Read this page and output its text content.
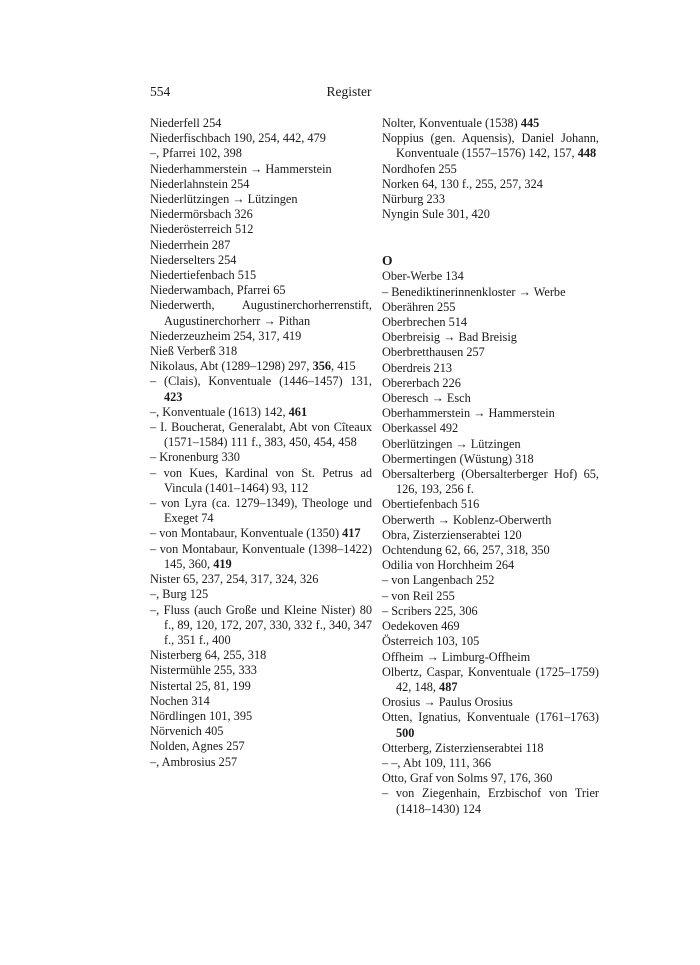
554	Register
Niederfell 254
Niederfischbach 190, 254, 442, 479
–, Pfarrei 102, 398
Niederhammerstein → Hammerstein
Niederlahnstein 254
Niederlützingen → Lützingen
Niedermörsbach 326
Niederösterreich 512
Niederrhein 287
Niederselters 254
Niedertiefenbach 515
Niederwambach, Pfarrei 65
Niederwerth, Augustinerchorherrenstift, Augustinerchorherr → Pithan
Niederzeuzheim 254, 317, 419
Nieß Verberß 318
Nikolaus, Abt (1289–1298) 297, 356, 415
– (Clais), Konventuale (1446–1457) 131, 423
–, Konventuale (1613) 142, 461
– I. Boucherat, Generalabt, Abt von Cîteaux (1571–1584) 111 f., 383, 450, 454, 458
– Kronenburg 330
– von Kues, Kardinal von St. Petrus ad Vincula (1401–1464) 93, 112
– von Lyra (ca. 1279–1349), Theologe und Exeget 74
– von Montabaur, Konventuale (1350) 417
– von Montabaur, Konventuale (1398–1422) 145, 360, 419
Nister 65, 237, 254, 317, 324, 326
–, Burg 125
–, Fluss (auch Große und Kleine Nister) 80 f., 89, 120, 172, 207, 330, 332 f., 340, 347 f., 351 f., 400
Nisterberg 64, 255, 318
Nistermühle 255, 333
Nistertal 25, 81, 199
Nochen 314
Nördlingen 101, 395
Nörvenich 405
Nolden, Agnes 257
–, Ambrosius 257
Nolter, Konventuale (1538) 445
Noppius (gen. Aquensis), Daniel Johann, Konventuale (1557–1576) 142, 157, 448
Nordhofen 255
Norken 64, 130 f., 255, 257, 324
Nürburg 233
Nyngin Sule 301, 420
O
Ober-Werbe 134
– Benediktinerinnenkloster → Werbe
Oberähren 255
Oberbrechen 514
Oberbreisig → Bad Breisig
Oberbretthausen 257
Oberdreis 213
Obererbach 226
Oberesch → Esch
Oberhammerstein → Hammerstein
Oberkassel 492
Oberlützingen → Lützingen
Obermertingen (Wüstung) 318
Obersalterberg (Obersalterberger Hof) 65, 126, 193, 256 f.
Obertiefenbach 516
Oberwerth → Koblenz-Oberwerth
Obra, Zisterzienserabtei 120
Ochtendung 62, 66, 257, 318, 350
Odilia von Horchheim 264
– von Langenbach 252
– von Reil 255
– Scribers 225, 306
Oedekoven 469
Österreich 103, 105
Offheim → Limburg-Offheim
Olbertz, Caspar, Konventuale (1725–1759) 42, 148, 487
Orosius → Paulus Orosius
Otten, Ignatius, Konventuale (1761–1763) 500
Otterberg, Zisterzienserabtei 118
– –, Abt 109, 111, 366
Otto, Graf von Solms 97, 176, 360
– von Ziegenhain, Erzbischof von Trier (1418–1430) 124
